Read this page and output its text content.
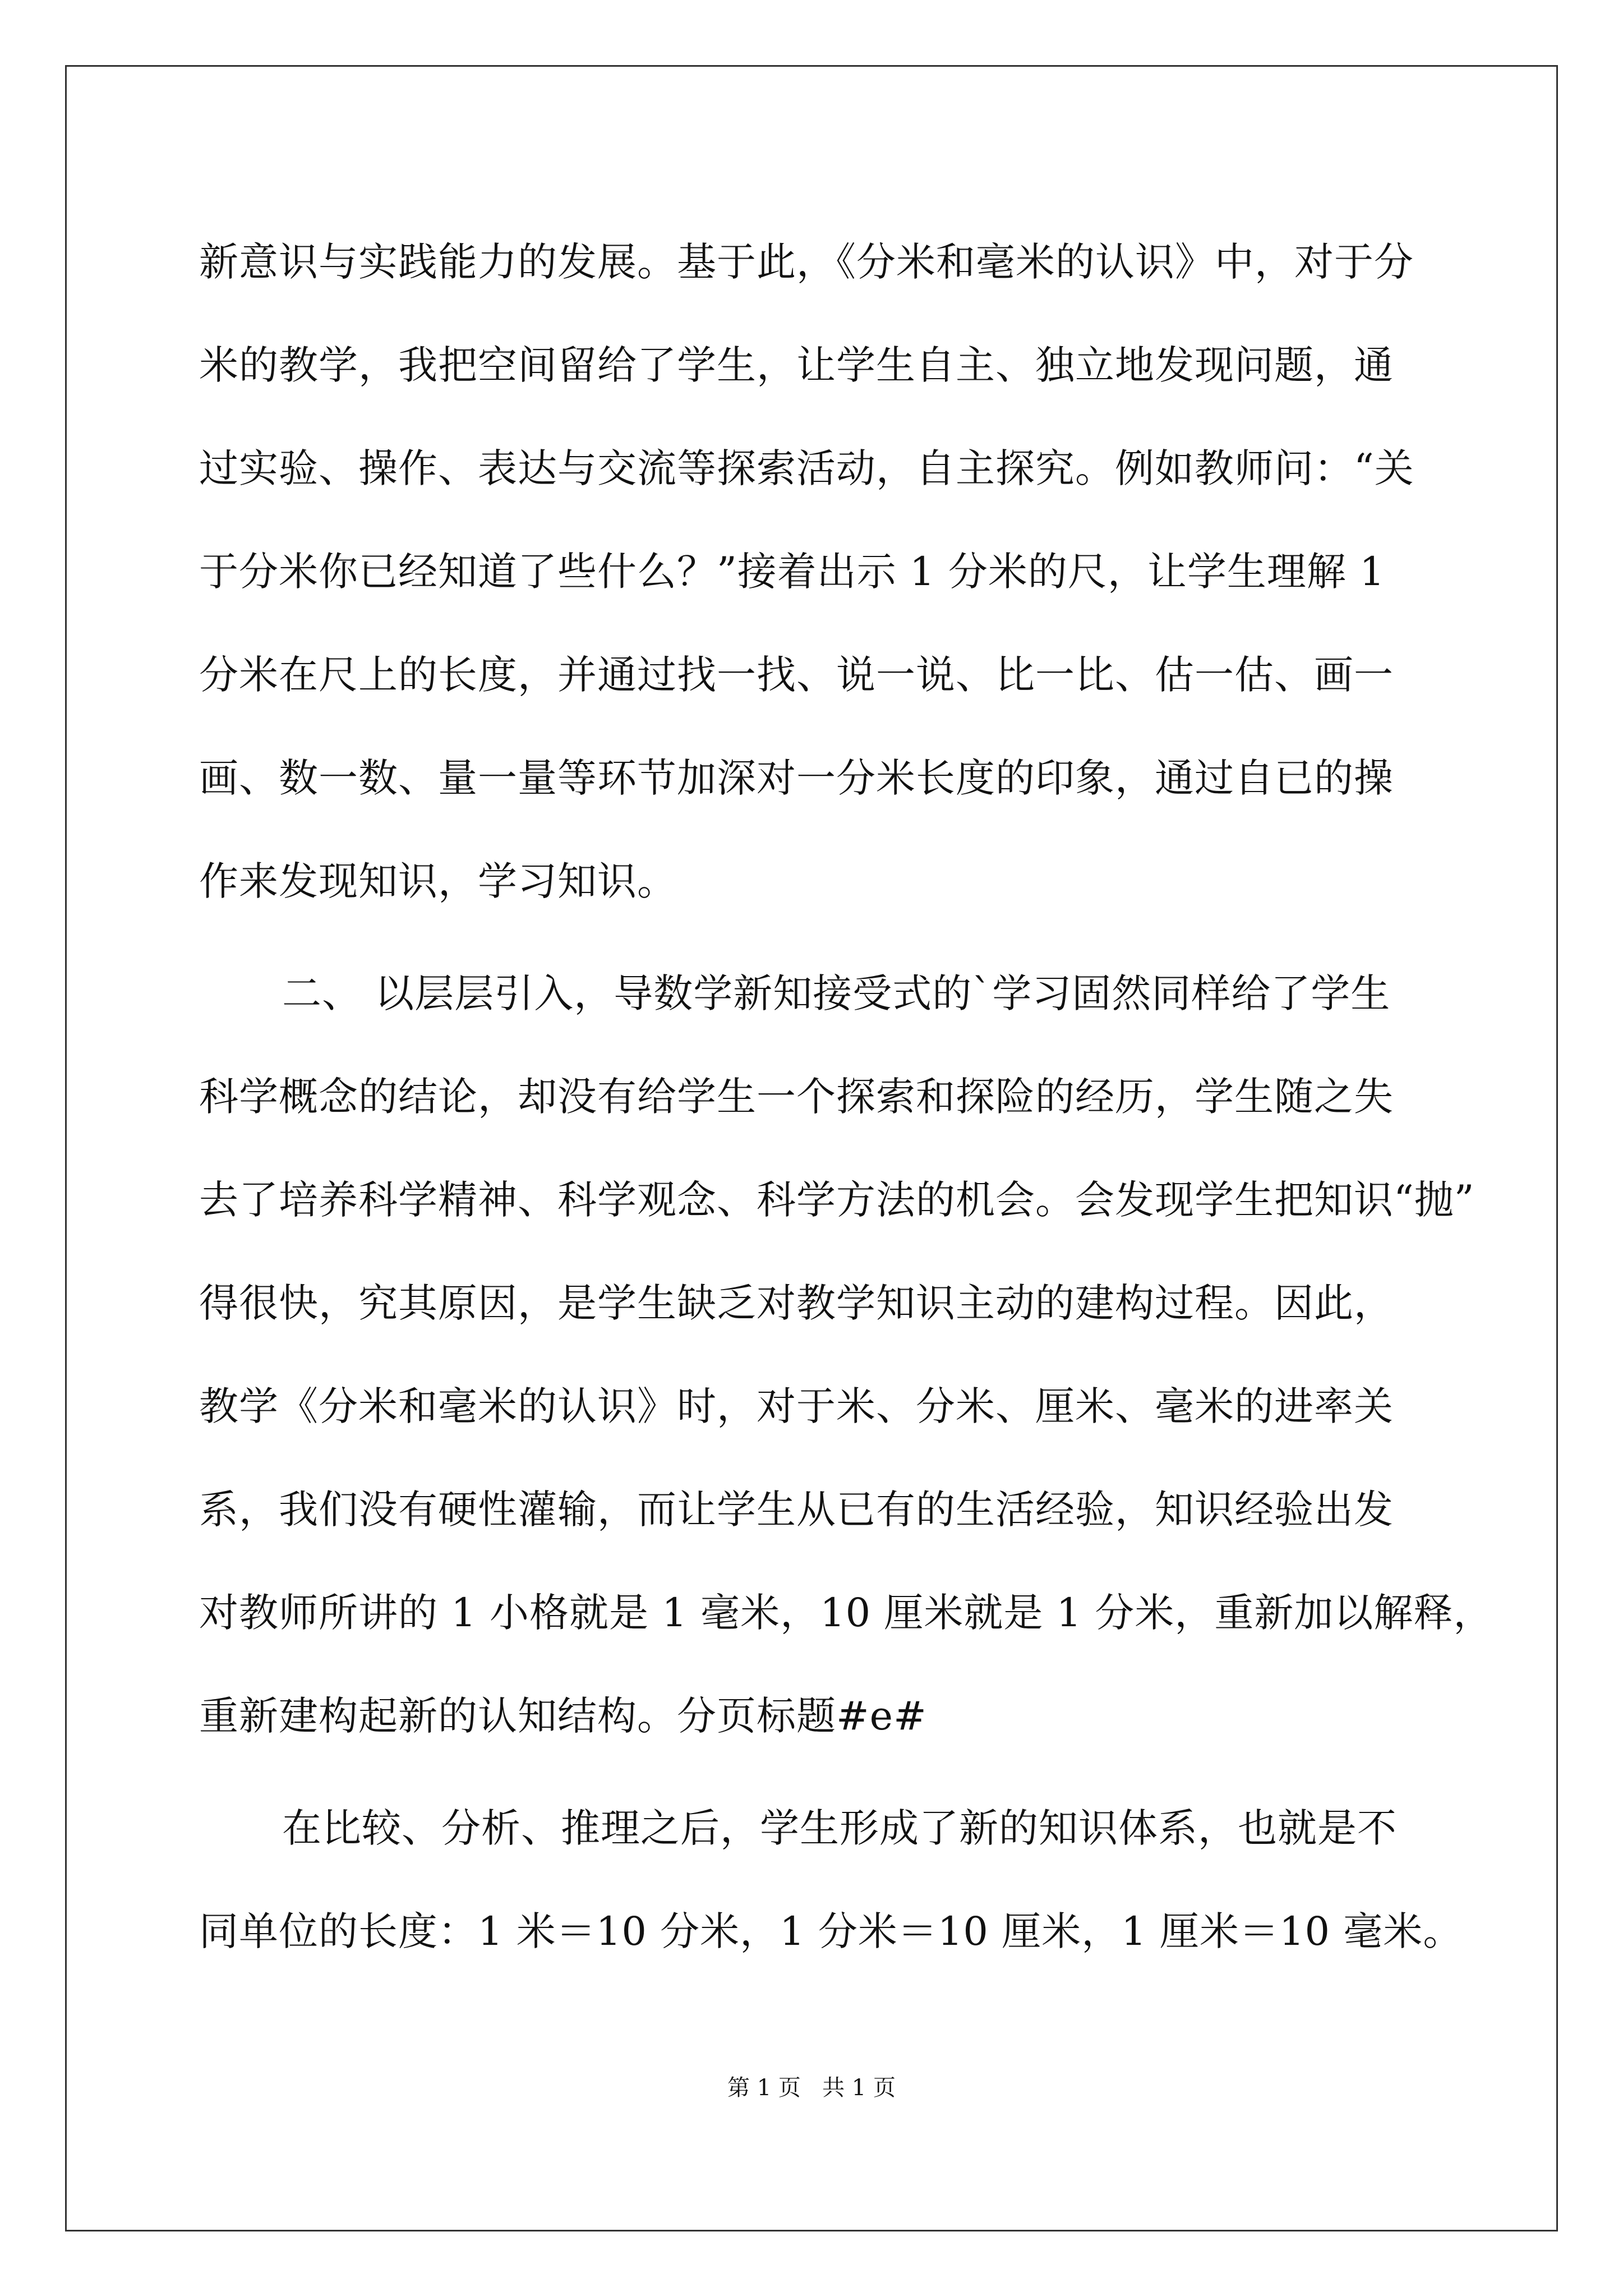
新意识与实践能力的发展。基于此，《分米和毫米的认识》中，对于分
米的教学，我把空间留给了学生，让学生自主、独立地发现问题，通
过实验、操作、表达与交流等探索活动，自主探究。例如教师问：“关
于分米你已经知道了些什么？”接着出示 1 分米的尺，让学生理解 1
分米在尺上的长度，并通过找一找、说一说、比一比、估一估、画一
画、数一数、量一量等环节加深对一分米长度的印象，通过自已的操
作来发现知识，学习知识。
二、 以层层引入，导数学新知接受式的`学习固然同样给了学生
科学概念的结论，却没有给学生一个探索和探险的经历，学生随之失
去了培养科学精神、科学观念、科学方法的机会。会发现学生把知识“抛”
得很快，究其原因，是学生缺乏对教学知识主动的建构过程。因此，
教学《分米和毫米的认识》时，对于米、分米、厘米、毫米的进率关
系，我们没有硬性灌输，而让学生从已有的生活经验，知识经验出发
对教师所讲的 1 小格就是 1 毫米，10 厘米就是 1 分米，重新加以解释，
重新建构起新的认知结构。分页标题#e#
在比较、分析、推理之后，学生形成了新的知识体系，也就是不
同单位的长度：1 米＝10 分米，1 分米＝10 厘米，1 厘米＝10 毫米。
第 1 页   共 1 页
